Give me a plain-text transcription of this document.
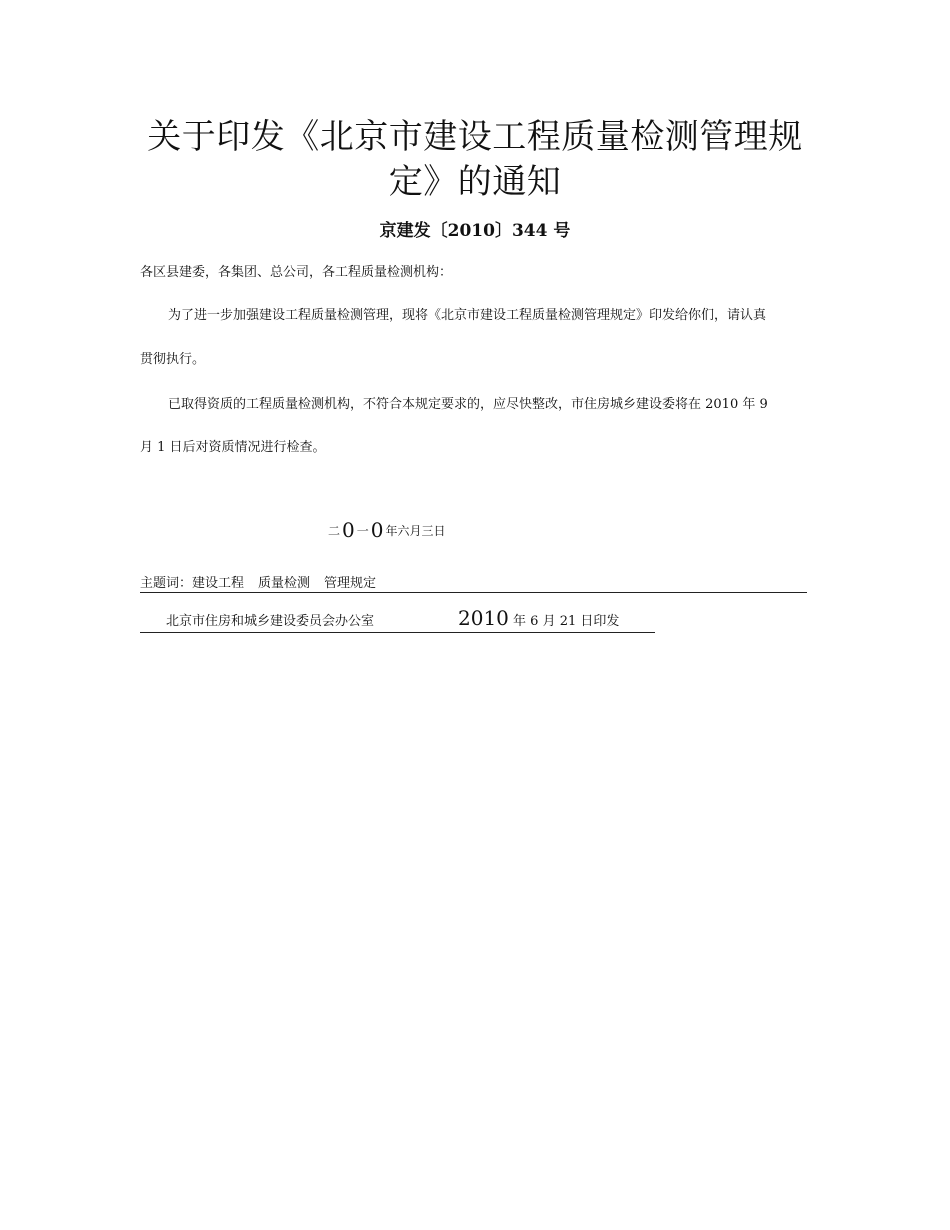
关于印发《北京市建设工程质量检测管理规
定》的通知
京建发〔2010〕344 号
各区县建委，各集团、总公司，各工程质量检测机构：
为了进一步加强建设工程质量检测管理，现将《北京市建设工程质量检测管理规定》印发给你们，请认真
贯彻执行。
已取得资质的工程质量检测机构，不符合本规定要求的，应尽快整改，市住房城乡建设委将在 2010 年 9
月 1 日后对资质情况进行检查。
二 0 一 0 年六月三日
主题词：建设工程 质量检测 管理规定
北京市住房和城乡建设委员会办公室	2010 年 6 月 21 日印发
